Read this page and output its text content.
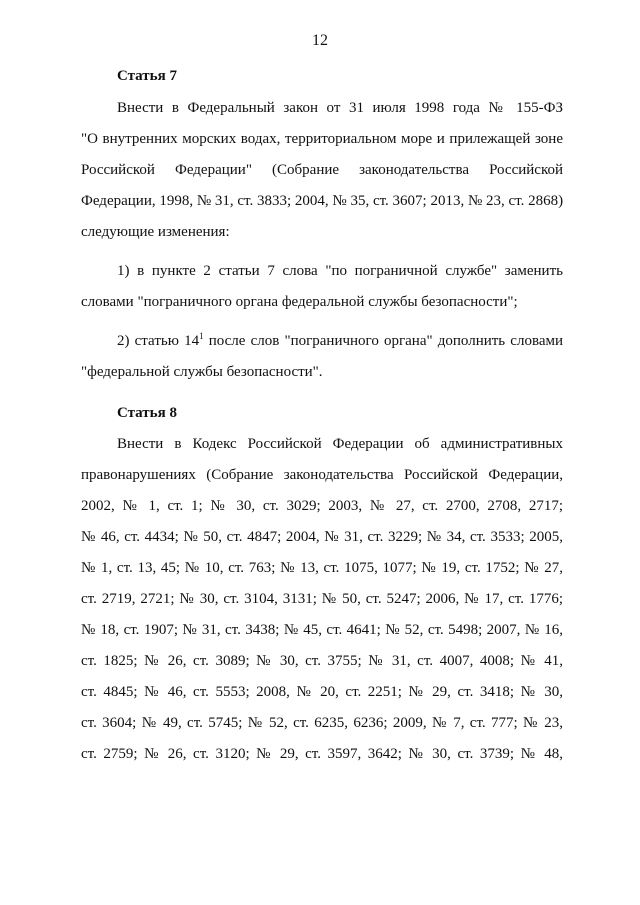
12
Статья 7
Внести в Федеральный закон от 31 июля 1998 года № 155-ФЗ
"О внутренних морских водах, территориальном море и прилежащей зоне
Российской Федерации" (Собрание законодательства Российской
Федерации, 1998, № 31, ст. 3833; 2004, № 35, ст. 3607; 2013, № 23, ст. 2868)
следующие изменения:
1) в пункте 2 статьи 7 слова "по пограничной службе" заменить
словами "пограничного органа федеральной службы безопасности";
2) статью $14^1$ после слов "пограничного органа" дополнить словами
"федеральной службы безопасности".
Статья 8
Внести в Кодекс Российской Федерации об административных
правонарушениях (Собрание законодательства Российской Федерации,
2002, № 1, ст. 1; № 30, ст. 3029; 2003, № 27, ст. 2700, 2708, 2717;
№ 46, ст. 4434; № 50, ст. 4847; 2004, № 31, ст. 3229; № 34, ст. 3533; 2005,
№ 1, ст. 13, 45; № 10, ст. 763; № 13, ст. 1075, 1077; № 19, ст. 1752; № 27,
ст. 2719, 2721; № 30, ст. 3104, 3131; № 50, ст. 5247; 2006, № 17, ст. 1776;
№ 18, ст. 1907; № 31, ст. 3438; № 45, ст. 4641; № 52, ст. 5498; 2007, № 16,
ст. 1825; № 26, ст. 3089; № 30, ст. 3755; № 31, ст. 4007, 4008; № 41,
ст. 4845; № 46, ст. 5553; 2008, № 20, ст. 2251; № 29, ст. 3418; № 30,
ст. 3604; № 49, ст. 5745; № 52, ст. 6235, 6236; 2009, № 7, ст. 777; № 23,
ст. 2759; № 26, ст. 3120; № 29, ст. 3597, 3642; № 30, ст. 3739; № 48,
